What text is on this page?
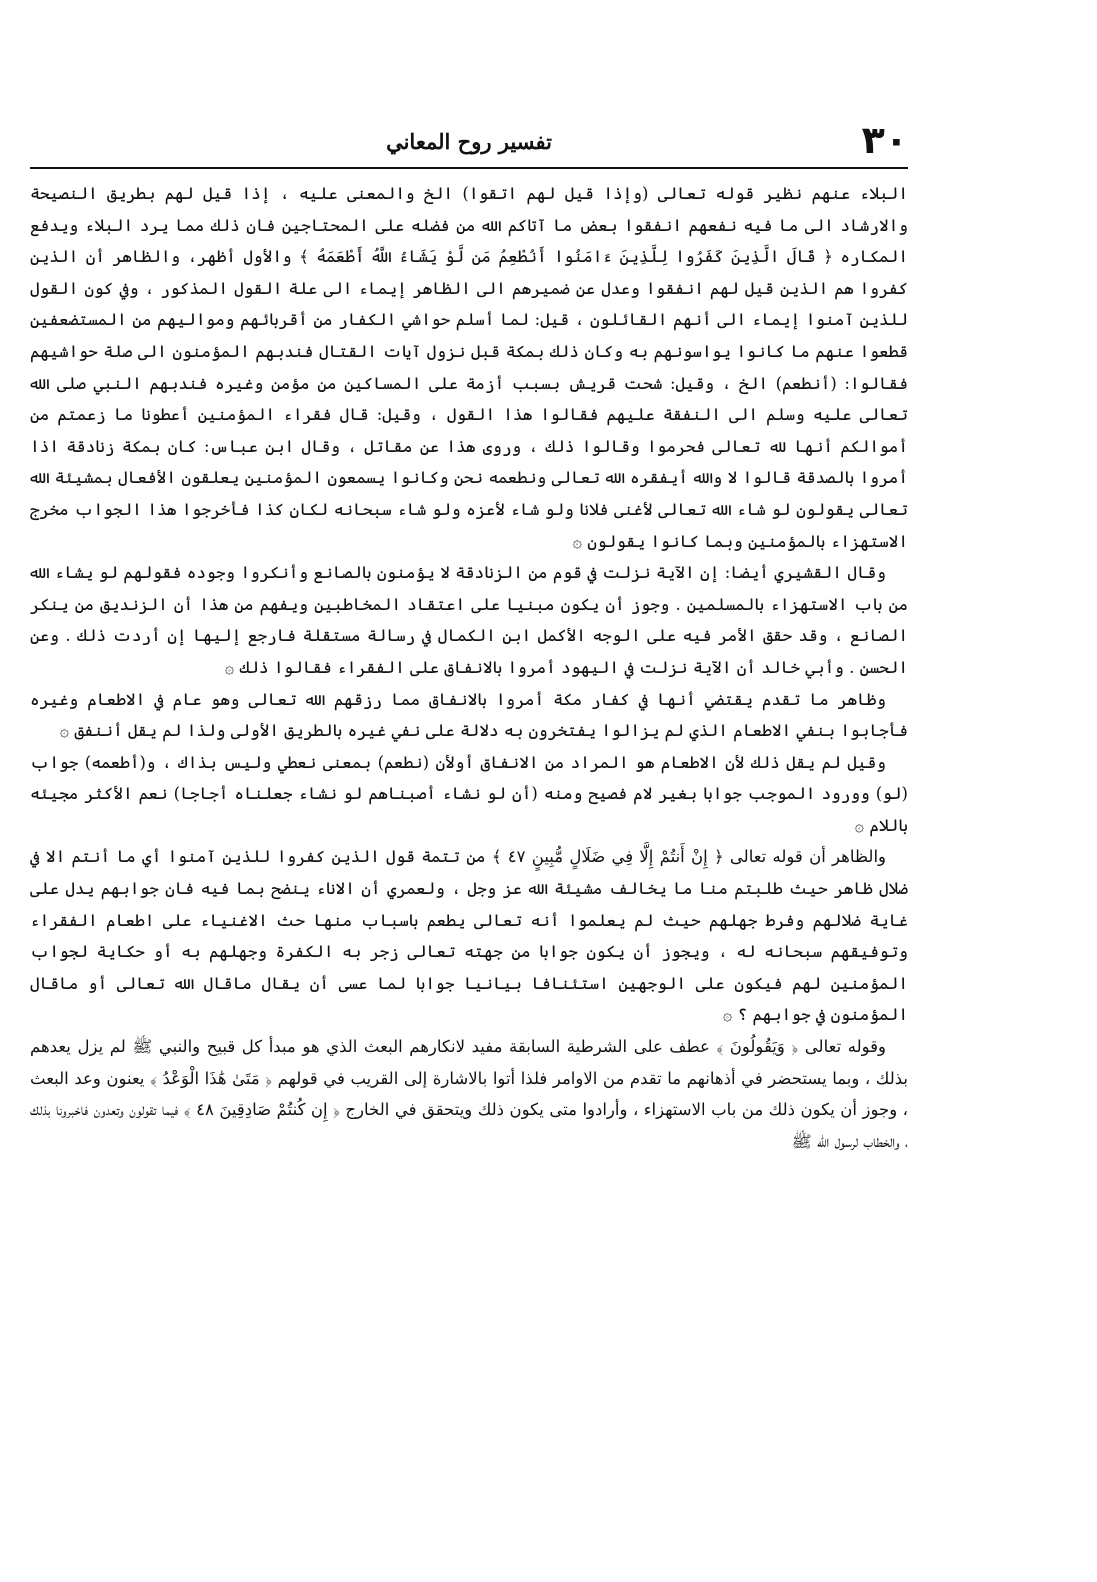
٣٠
تفسير روح المعاني

البلاء عنهم نظير قوله تعالى (وإذا قيل لهم اتقوا) الخ والمعنى عليه ، إذا قيل لهم بطريق النصيحة والارشاد الى ما فيه نفعهم انفقوا بعض ما آتاكم الله من فضله على المحتاجين فان ذلك مما يرد البلاء ويدفع المكاره ﴿ قَالَ الَّذِينَ كَفَرُوا لِلَّذِينَ ءَامَنُوا أَنُطْعِمُ مَن لَّوْ يَشَاءُ اللَّهُ أَطْعَمَهُ ﴾ والأول أظهر، والظاهر أن الذين كفروا هم الذين قيل لهم انفقوا وعدل عن ضميرهم الى الظاهر إيماء الى علة القول المذكور ، وفي كون القول للذين آمنوا إيماء الى أنهم القائلون ، قيل: لما أسلم حواشي الكفار من أقربائهم ومواليهم من المستضعفين قطعوا عنهم ما كانوا يواسونهم به وكان ذلك بمكة قبل نزول آيات القتال فندبهم المؤمنون الى صلة حواشيهم فقالوا: (أنطعم) الخ ، وقيل: شحت قريش بسبب أزمة على المساكين من مؤمن وغيره فندبهم النبي صلى الله تعالى عليه وسلم الى النفقة عليهم فقالوا هذا القول ، وقيل: قال فقراء المؤمنين أعطونا ما زعمتم من أموالكم أنها لله تعالى فحرموا وقالوا ذلك ، وروى هذا عن مقاتل ، وقال ابن عباس: كان بمكة زنادقة اذا أمروا بالصدقة قالوا لا والله أيفقره الله تعالى ونطعمه نحن وكانوا يسمعون المؤمنين يعلقون الأفعال بمشيئة الله تعالى يقولون لو شاء الله تعالى لأغنى فلانا ولو شاء لأعزه ولو شاء سبحانه لكان كذا فأخرجوا هذا الجواب مخرج الاستهزاء بالمؤمنين وبما كانوا يقولون ۞

وقال القشيري أيضا: إن الآية نزلت في قوم من الزنادقة لا يؤمنون بالصانع وأنكروا وجوده فقولهم لو يشاء الله من باب الاستهزاء بالمسلمين . وجوز أن يكون مبنيا على اعتقاد المخاطبين ويفهم من هذا أن الزنديق من ينكر الصانع ، وقد حقق الأمر فيه على الوجه الأكمل ابن الكمال في رسالة مستقلة فارجع إليها إن أردت ذلك . وعن الحسن . وأبي خالد أن الآية نزلت في اليهود أمروا بالانفاق على الفقراء فقالوا ذلك ۞

وظاهر ما تقدم يقتضي أنها في كفار مكة أمروا بالانفاق مما رزقهم الله تعالى وهو عام في الاطعام وغيره فأجابوا بنفي الاطعام الذي لم يزالوا يفتخرون به دلالة على نفي غيره بالطريق الأولى ولذا لم يقل أننفق ۞

وقيل لم يقل ذلك لأن الاطعام هو المراد من الانفاق أولأن (نطعم) بمعنى نعطي وليس بذاك ، و(أطعمه) جواب (لو) وورود الموجب جوابا بغير لام فصيح ومنه (أن لو نشاء أصبناهم لو نشاء جعلناه أجاجا) نعم الأكثر مجيئه باللام ۞

والظاهر أن قوله تعالى ﴿ إِنْ أَنتُمْ إِلَّا فِي ضَلَالٍ مُّبِينٍ ٤٧ ﴾ من تتمة قول الذين كفروا للذين آمنوا أي ما أنتم الا في ضلال ظاهر حيث طلبتم منا ما يخالف مشيئة الله عز وجل ، ولعمري أن الاناء ينضح بما فيه فان جوابهم يدل على غاية ضلالهم وفرط جهلهم حيث لم يعلموا أنه تعالى يطعم باسباب منها حث الاغنياء على اطعام الفقراء وتوفيقهم سبحانه له ، ويجوز أن يكون جوابا من جهته تعالى زجر به الكفرة وجهلهم به أو حكاية لجواب المؤمنين لهم فيكون على الوجهين استئنافا بيانيا جوابا لما عسى أن يقال ماقال الله تعالى أو ماقال المؤمنون في جوابهم ؟ ۞

وقوله تعالى ﴿ وَيَقُولُونَ ﴾ عطف على الشرطية السابقة مفيد لانكارهم البعث الذي هو مبدأ كل قبيح والنبي ﷺ لم يزل يعدهم بذلك ، وبما يستحضر في أذهانهم ما تقدم من الاوامر فلذا أتوا بالاشارة إلى القريب في قولهم ﴿ مَتَىٰ هَٰذَا الْوَعْدُ ﴾ يعنون وعد البعث ، وجوز أن يكون ذلك من باب الاستهزاء ، وأرادوا متى يكون ذلك ويتحقق في الخارج ﴿ إِن كُنتُمْ صَادِقِينَ ٤٨ ﴾ فيما تقولون وتعدون فاخبرونا بذلك ، والخطاب لرسول الله ﷺ
